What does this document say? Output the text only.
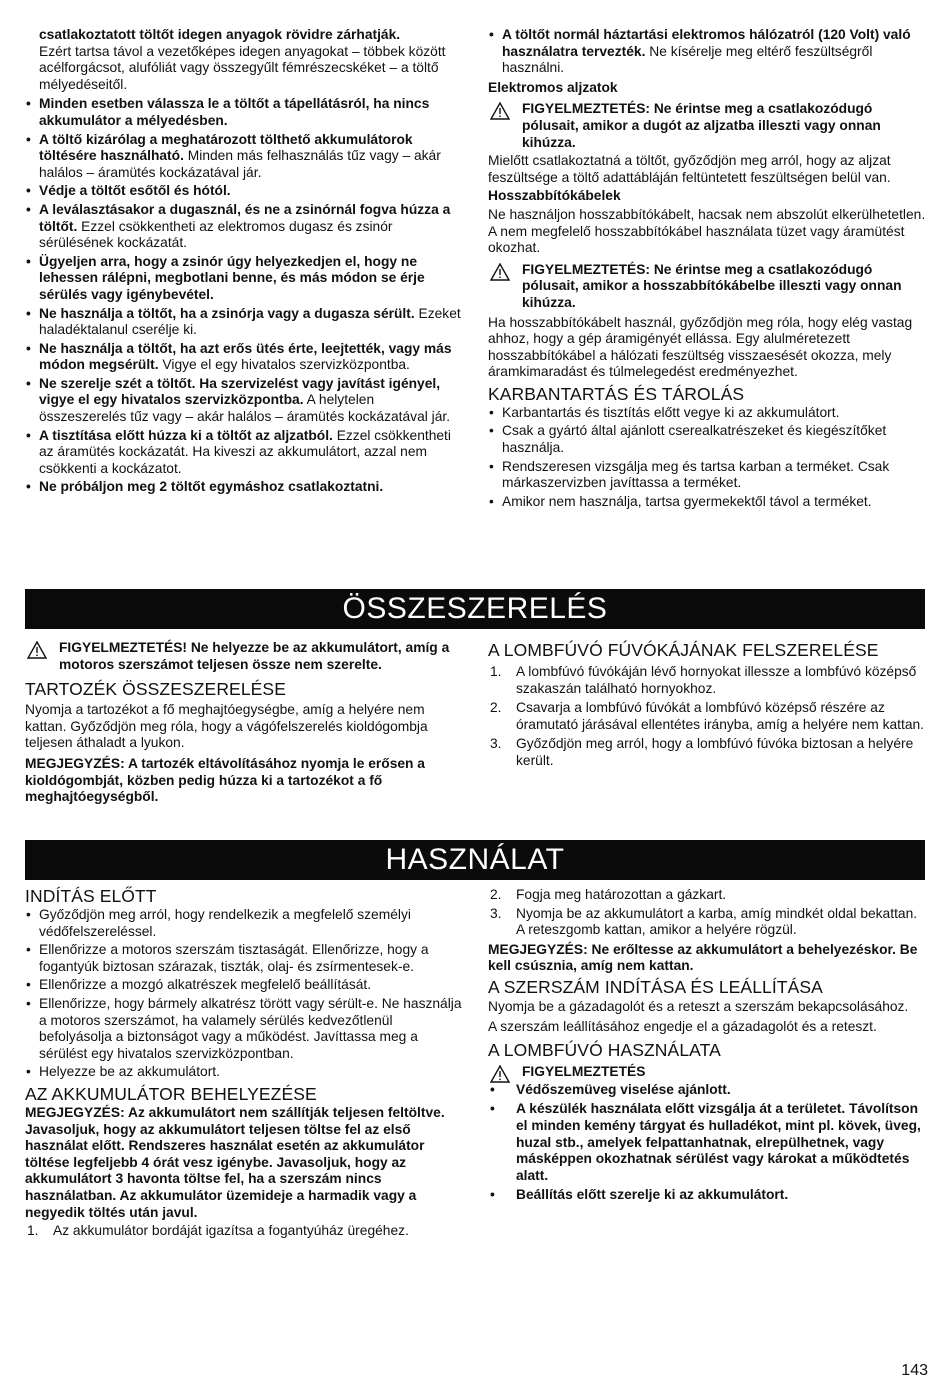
csatlakoztatott töltőt idegen anyagok rövidre zárhatják.
Ezért tartsa távol a vezetőképes idegen anyagokat – többek között acélforgácsot, alufóliát vagy összegyűlt fémrészecskéket – a töltő mélyedéseitől.

• Minden esetben válassza le a töltőt a tápellátásról, ha nincs akkumulátor a mélyedésben.
• A töltő kizárólag a meghatározott tölthető akkumulátorok töltésére használható. Minden más felhasználás tűz vagy – akár halálos – áramütés kockázatával jár.
• Védje a töltőt esőtől és hótól.
• A leválasztásakor a dugasznál, és ne a zsinórnál fogva húzza a töltőt. Ezzel csökkentheti az elektromos dugasz és zsinór sérülésének kockázatát.
• Ügyeljen arra, hogy a zsinór úgy helyezkedjen el, hogy ne lehessen rálépni, megbotlani benne, és más módon se érje sérülés vagy igénybevétel.
• Ne használja a töltőt, ha a zsinórja vagy a dugasza sérült. Ezeket haladéktalanul cserélje ki.
• Ne használja a töltőt, ha azt erős ütés érte, leejtették, vagy más módon megsérült. Vigye el egy hivatalos szervizközpontba.
• Ne szerelje szét a töltőt. Ha szervizelést vagy javítást igényel, vigye el egy hivatalos szervizközpontba. A helytelen összeszerelés tűz vagy – akár halálos – áramütés kockázatával jár.
• A tisztítása előtt húzza ki a töltőt az aljzatból. Ezzel csökkentheti az áramütés kockázatát. Ha kiveszi az akkumulátort, azzal nem csökkenti a kockázatot.
• Ne próbáljon meg 2 töltőt egymáshoz csatlakoztatni.
• A töltőt normál háztartási elektromos hálózatról (120 Volt) való használatra tervezték. Ne kísérelje meg eltérő feszültségről használni.

Elektromos aljzatok

FIGYELMEZTETÉS: Ne érintse meg a csatlakozódugó pólusait, amikor a dugót az aljzatba illeszti vagy onnan kihúzza.

Mielőtt csatlakoztatná a töltőt, győződjön meg arról, hogy az aljzat feszültsége a töltő adattábláján feltüntetett feszültségen belül van.

Hosszabbítókábelek

Ne használjon hosszabbítókábelt, hacsak nem abszolút elkerülhetetlen. A nem megfelelő hosszabbítókábel használata tüzet vagy áramütést okozhat.

FIGYELMEZTETÉS: Ne érintse meg a csatlakozódugó pólusait, amikor a hosszabbítókábelbe illeszti vagy onnan kihúzza.

Ha hosszabbítókábelt használ, győződjön meg róla, hogy elég vastag ahhoz, hogy a gép áramigényét ellássa. Egy alulméretezett hosszabbítókábel a hálózati feszültség visszaesését okozza, mely áramkimaradást és túlmelegedést eredményezhet.

KARBANTARTÁS ÉS TÁROLÁS

• Karbantartás és tisztítás előtt vegye ki az akkumulátort.
• Csak a gyártó által ajánlott cserealkatrészeket és kiegészítőket használja.
• Rendszeresen vizsgálja meg és tartsa karban a terméket. Csak márkaszervizben javíttassa a terméket.
• Amikor nem használja, tartsa gyermekektől távol a terméket.
ÖSSZESZERELÉS
FIGYELMEZTETÉS! Ne helyezze be az akkumulátort, amíg a motoros szerszámot teljesen össze nem szerelte.

TARTOZÉK ÖSSZESZERELÉSE

Nyomja a tartozékot a fő meghajtóegységbe, amíg a helyére nem kattan. Győződjön meg róla, hogy a vágófelszerelés kioldógombja teljesen áthaladt a lyukon.

MEGJEGYZÉS: A tartozék eltávolításához nyomja le erősen a kioldógombját, közben pedig húzza ki a tartozékot a fő meghajtóegységből.

A LOMBFÚVÓ FÚVÓKÁJÁNAK FELSZERELÉSE

1. A lombfúvó fúvókáján lévő hornyokat illessze a lombfúvó középső szakaszán található hornyokhoz.
2. Csavarja a lombfúvó fúvókát a lombfúvó középső részére az óramutató járásával ellentétes irányba, amíg a helyére nem kattan.
3. Győződjön meg arról, hogy a lombfúvó fúvóka biztosan a helyére került.
HASZNÁLAT

INDÍTÁS ELŐTT

• Győződjön meg arról, hogy rendelkezik a megfelelő személyi védőfelszereléssel.
• Ellenőrizze a motoros szerszám tisztaságát. Ellenőrizze, hogy a fogantyúk biztosan szárazak, tiszták, olaj- és zsírmentesek-e.
• Ellenőrizze a mozgó alkatrészek megfelelő beállítását.
• Ellenőrizze, hogy bármely alkatrész törött vagy sérült-e. Ne használja a motoros szerszámot, ha valamely sérülés kedvezőtlenül befolyásolja a biztonságot vagy a működést. Javíttassa meg a sérülést egy hivatalos szervizközpontban.
• Helyezze be az akkumulátort.

AZ AKKUMULÁTOR BEHELYEZÉSE

MEGJEGYZÉS: Az akkumulátort nem szállítják teljesen feltöltve. Javasoljuk, hogy az akkumulátort teljesen töltse fel az első használat előtt. Rendszeres használat esetén az akkumulátor töltése legfeljebb 4 órát vesz igénybe. Javasoljuk, hogy az akkumulátort 3 havonta töltse fel, ha a szerszám nincs használatban. Az akkumulátor üzemideje a harmadik vagy a negyedik töltés után javul.

1. Az akkumulátor bordáját igazítsa a fogantyúház üregéhez.
2. Fogja meg határozottan a gázkart.
3. Nyomja be az akkumulátort a karba, amíg mindkét oldal bekattan. A reteszgomb kattan, amikor a helyére rögzül.

MEGJEGYZÉS: Ne erőltesse az akkumulátort a behelyezéskor. Be kell csúsznia, amíg nem kattan.

A SZERSZÁM INDÍTÁSA ÉS LEÁLLÍTÁSA

Nyomja be a gázadagolót és a reteszt a szerszám bekapcsolásához.

A szerszám leállításához engedje el a gázadagolót és a reteszt.

A LOMBFÚVÓ HASZNÁLATA

FIGYELMEZTETÉS
• Védőszemüveg viselése ajánlott.
• A készülék használata előtt vizsgálja át a területet. Távolítson el minden kemény tárgyat és hulladékot, mint pl. kövek, üveg, huzal stb., amelyek felpattanhatnak, elrepülhetnek, vagy másképpen okozhatnak sérülést vagy károkat a működtetés alatt.
• Beállítás előtt szerelje ki az akkumulátort.
143
